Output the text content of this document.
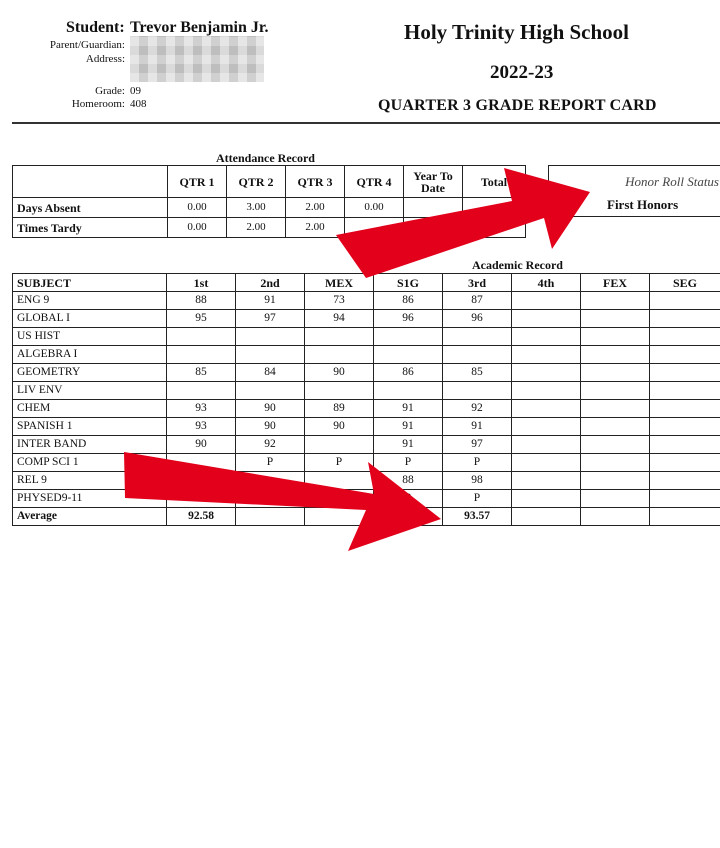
Student: Trevor Benjamin Jr.
Parent/Guardian:
Address:
Grade: 09
Homeroom: 408
Holy Trinity High School
2022-23
QUARTER 3 GRADE REPORT CARD
Attendance Record
	QTR 1	QTR 2	QTR 3	QTR 4	Year To Date	Total
Days Absent	0.00	3.00	2.00	0.00		
Times Tardy	0.00	2.00	2.00			
Honor Roll Status
First Honors
Academic Record
SUBJECT	1st	2nd	MEX	S1G	3rd	4th	FEX	SEG
ENG 9	88	91	73	86	87			
GLOBAL I	95	97	94	96	96			
US HIST								
ALGEBRA I								
GEOMETRY	85	84	90	86	85			
LIV ENV								
CHEM	93	90	89	91	92			
SPANISH 1	93	90	90	91	91			
INTER BAND	90	92		91	97			
COMP SCI 1		P	P	P	P			
REL 9				88	98			
PHYSED9-11					P			
Average	92.58				93.57			
